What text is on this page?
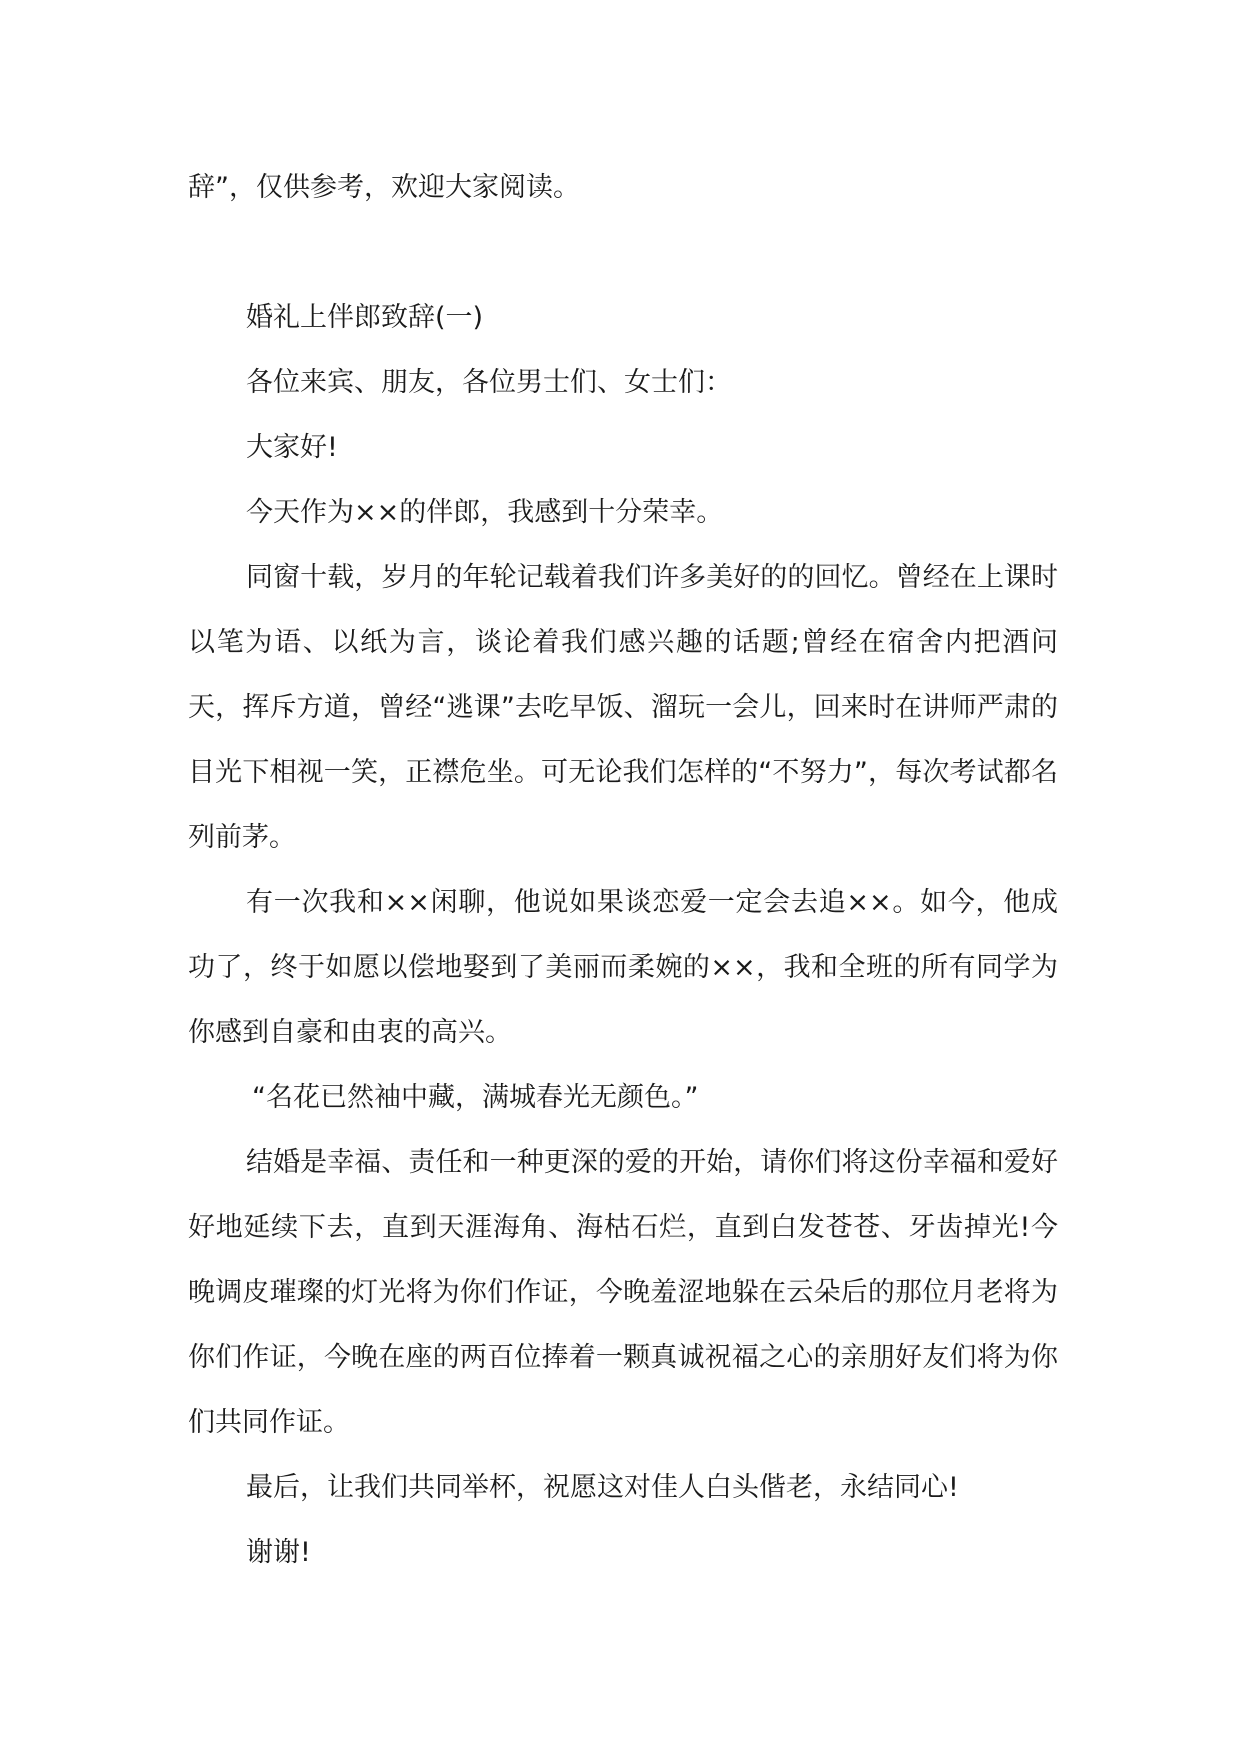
辞”，仅供参考，欢迎大家阅读。

婚礼上伴郎致辞(一)

各位来宾、朋友，各位男士们、女士们：

大家好!

今天作为××的伴郎，我感到十分荣幸。

同窗十载，岁月的年轮记载着我们许多美好的的回忆。曾经在上课时以笔为语、以纸为言，谈论着我们感兴趣的话题;曾经在宿舍内把酒问天，挥斥方道，曾经“逃课”去吃早饭、溜玩一会儿，回来时在讲师严肃的目光下相视一笑，正襟危坐。可无论我们怎样的“不努力”，每次考试都名列前茅。

有一次我和××闲聊，他说如果谈恋爱一定会去追××。如今，他成功了，终于如愿以偿地娶到了美丽而柔婉的××，我和全班的所有同学为你感到自豪和由衷的高兴。

“名花已然袖中藏，满城春光无颜色。”

结婚是幸福、责任和一种更深的爱的开始，请你们将这份幸福和爱好好地延续下去，直到天涯海角、海枯石烂，直到白发苍苍、牙齿掉光!今晚调皮璀璨的灯光将为你们作证，今晚羞涩地躲在云朵后的那位月老将为你们作证，今晚在座的两百位捧着一颗真诚祝福之心的亲朋好友们将为你们共同作证。

最后，让我们共同举杯，祝愿这对佳人白头偕老，永结同心!

谢谢!
